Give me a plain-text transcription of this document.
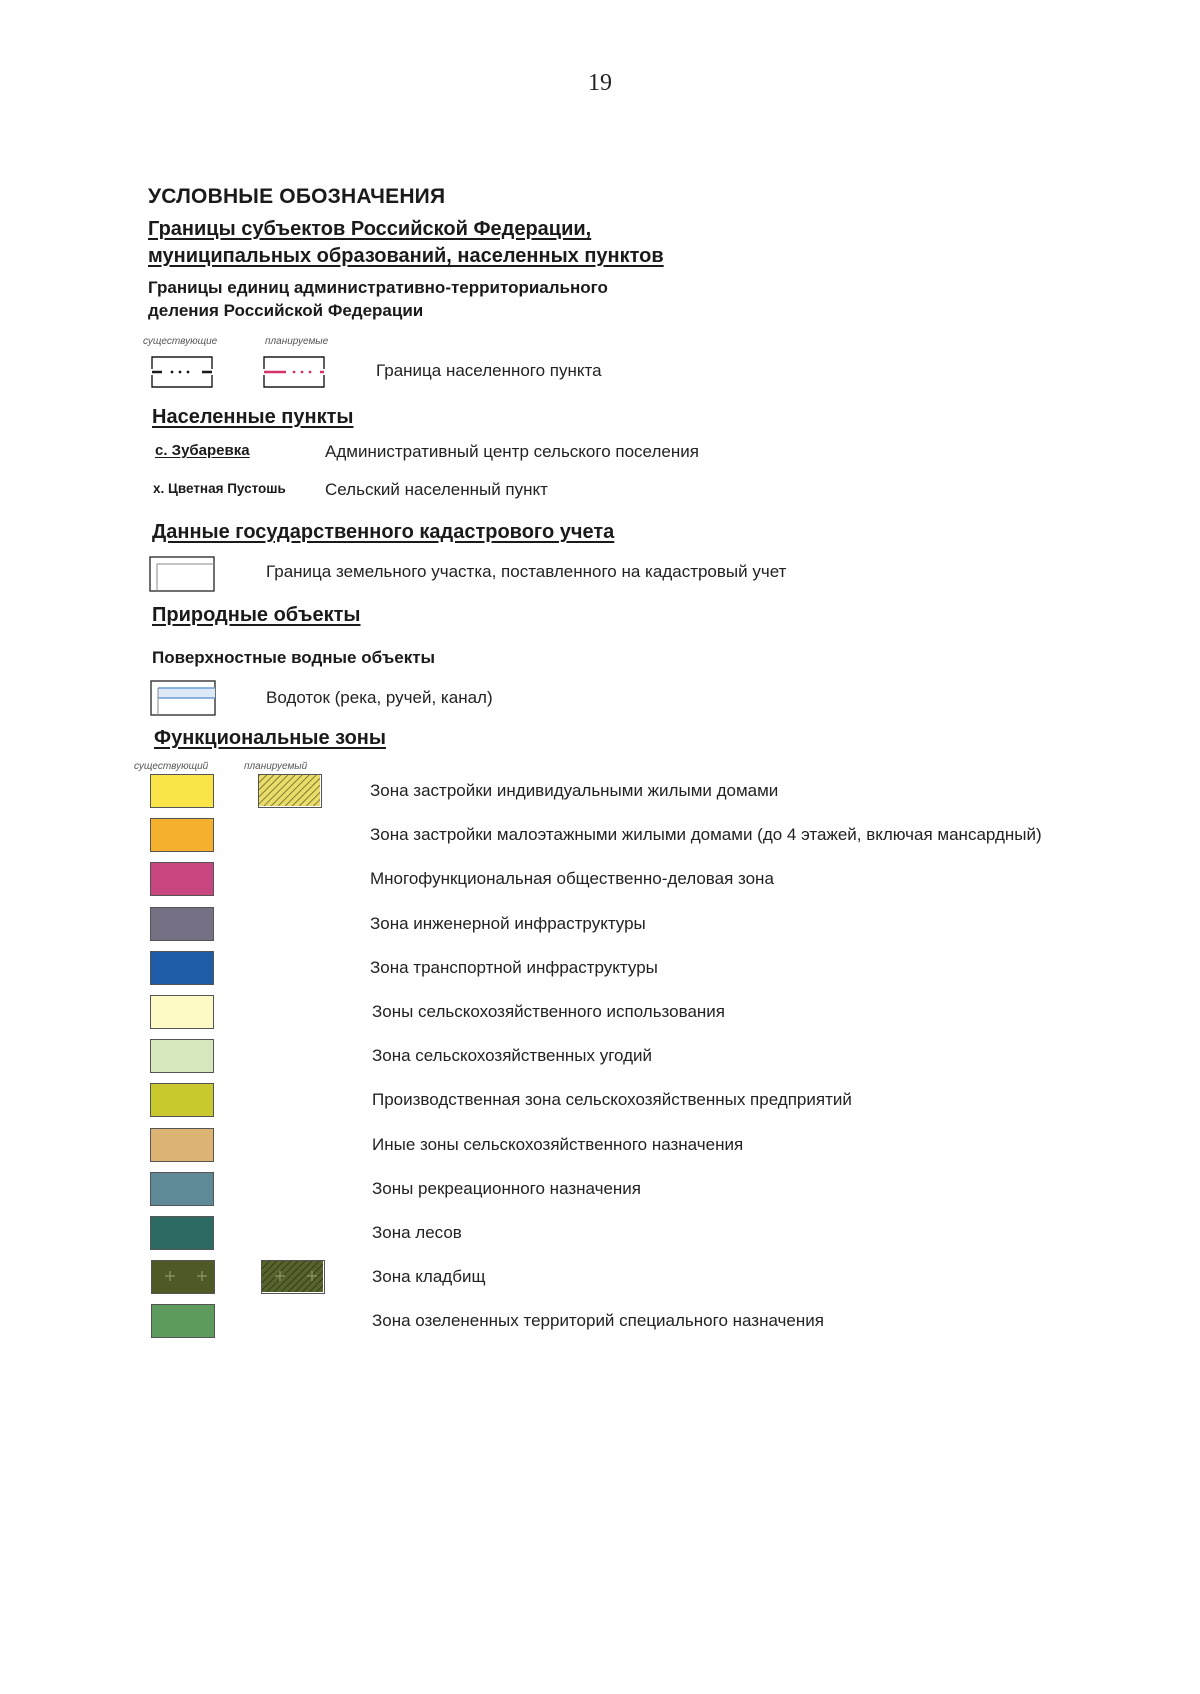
19
УСЛОВНЫЕ ОБОЗНАЧЕНИЯ
Границы субъектов Российской Федерации,
муниципальных образований, населенных пунктов
Границы единиц административно-территориального
деления Российской Федерации
существующие	планируемые
Граница населенного пункта
Населенные пункты
с. Зубаревка	Административный центр сельского поселения
х. Цветная Пустошь Сельский населенный пункт
Данные государственного кадастрового учета
Граница земельного участка, поставленного на кадастровый учет
Природные объекты
Поверхностные водные объекты
Водоток (река, ручей, канал)
Функциональные зоны
существующий	планируемый
Зона застройки индивидуальными жилыми домами
Зона застройки малоэтажными жилыми домами (до 4 этажей, включая мансардный)
Многофункциональная общественно-деловая зона
Зона инженерной инфраструктуры
Зона транспортной инфраструктуры
Зоны сельскохозяйственного использования
Зона сельскохозяйственных угодий
Производственная зона сельскохозяйственных предприятий
Иные зоны сельскохозяйственного назначения
Зоны рекреационного назначения
Зона лесов
Зона кладбищ
Зона озелененных территорий специального назначения
